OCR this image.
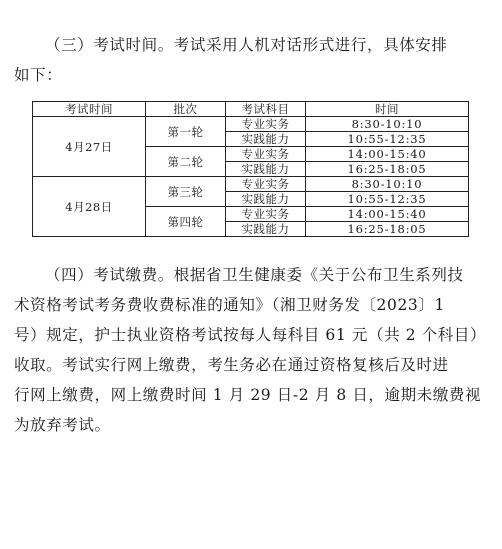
（三）考试时间。考试采用人机对话形式进行，具体安排
如下：

考试时间	批次	考试科目	时间
4月27日	第一轮	专业实务	8:30-10:10
		实践能力	10:55-12:35
	第二轮	专业实务	14:00-15:40
		实践能力	16:25-18:05
4月28日	第三轮	专业实务	8:30-10:10
		实践能力	10:55-12:35
	第四轮	专业实务	14:00-15:40
		实践能力	16:25-18:05

（四）考试缴费。根据省卫生健康委《关于公布卫生系列技
术资格考试考务费收费标准的通知》（湘卫财务发〔2023〕1
号）规定，护士执业资格考试按每人每科目 61 元（共 2 个科目）
收取。考试实行网上缴费，考生务必在通过资格复核后及时进
行网上缴费，网上缴费时间 1 月 29 日-2 月 8 日，逾期未缴费视
为放弃考试。
